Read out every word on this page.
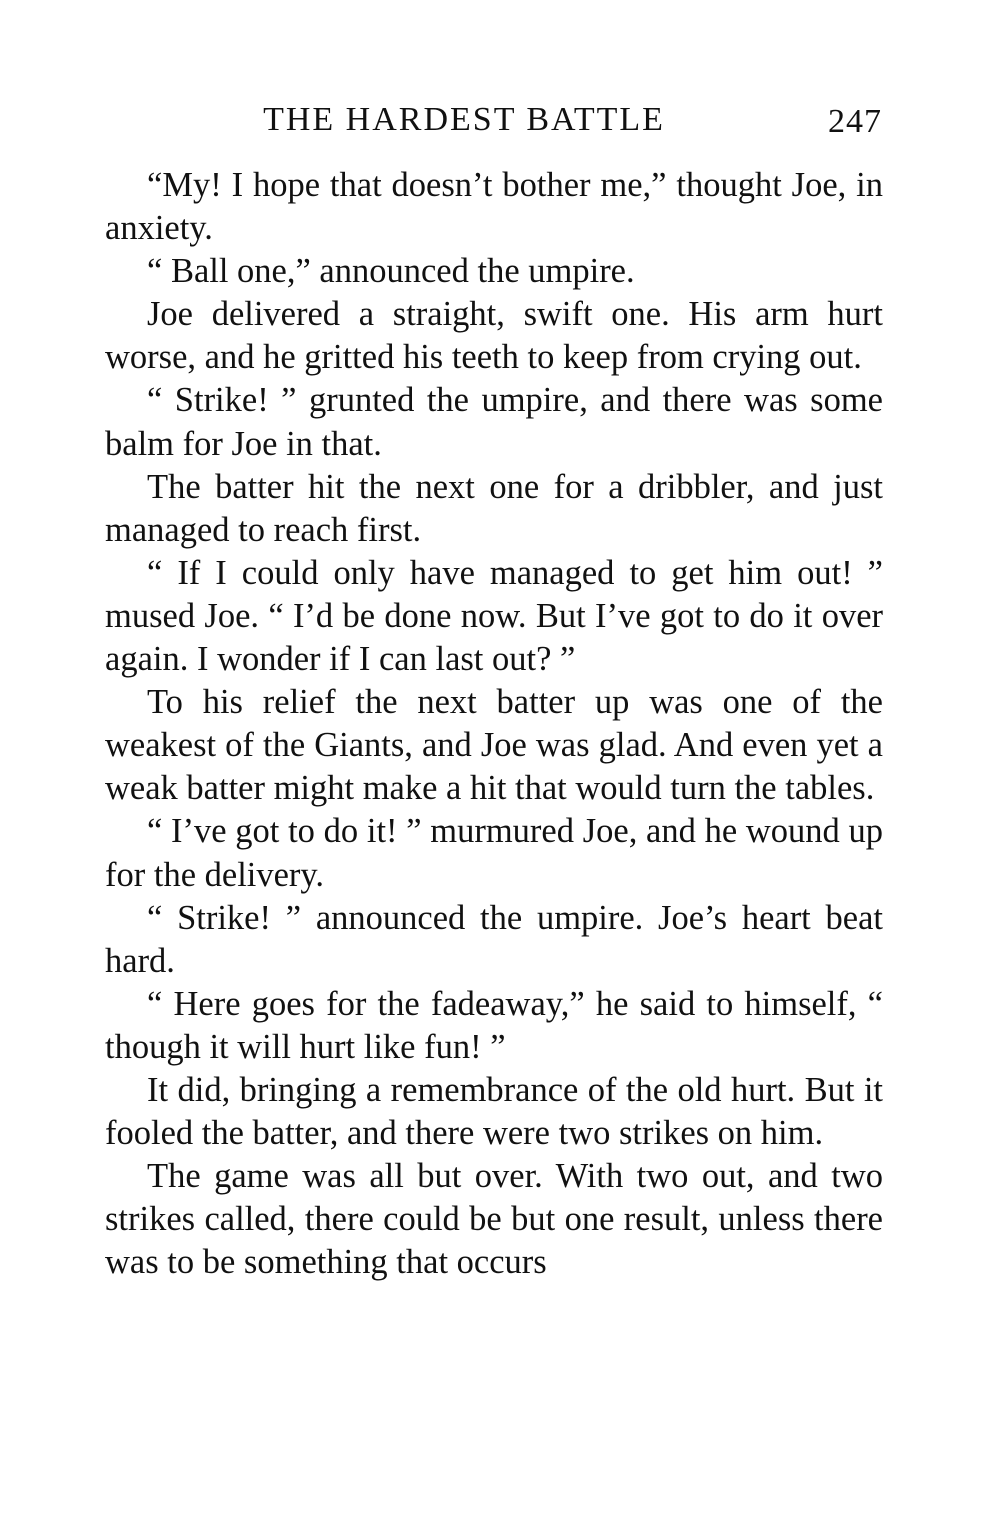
THE HARDEST BATTLE	247

“My! I hope that doesn’t bother me,” thought Joe, in anxiety.

“ Ball one,” announced the umpire.

Joe delivered a straight, swift one. His arm hurt worse, and he gritted his teeth to keep from crying out.

“ Strike! ” grunted the umpire, and there was some balm for Joe in that.

The batter hit the next one for a dribbler, and just managed to reach first.

“ If I could only have managed to get him out! ” mused Joe. “ I’d be done now. But I’ve got to do it over again. I wonder if I can last out? ”

To his relief the next batter up was one of the weakest of the Giants, and Joe was glad. And even yet a weak batter might make a hit that would turn the tables.

“ I’ve got to do it! ” murmured Joe, and he wound up for the delivery.

“ Strike! ” announced the umpire. Joe’s heart beat hard.

“ Here goes for the fadeaway,” he said to himself, “ though it will hurt like fun! ”

It did, bringing a remembrance of the old hurt. But it fooled the batter, and there were two strikes on him.

The game was all but over. With two out, and two strikes called, there could be but one result, unless there was to be something that occurs
